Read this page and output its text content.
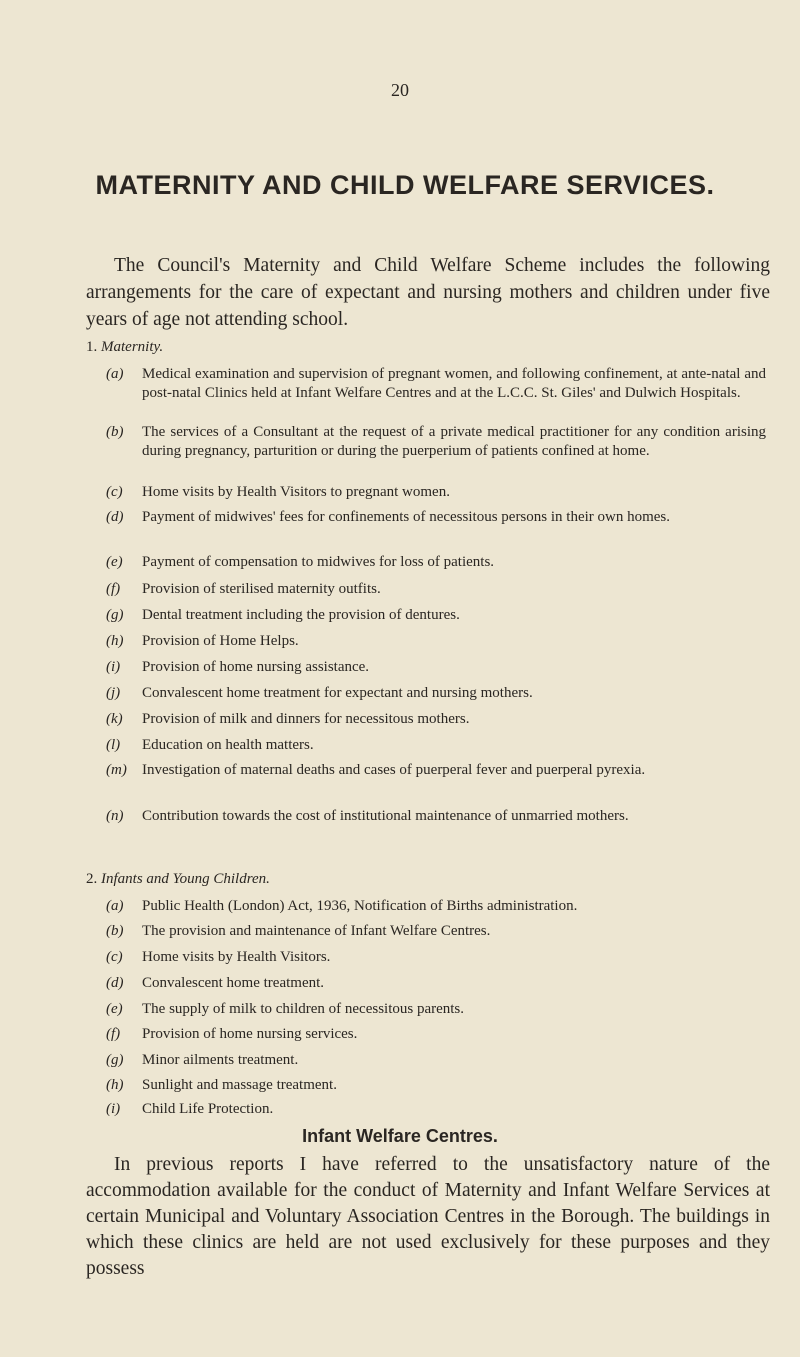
20
MATERNITY AND CHILD WELFARE SERVICES.
The Council's Maternity and Child Welfare Scheme includes the following arrangements for the care of expectant and nursing mothers and children under five years of age not attending school.
1. Maternity.
(a)	Medical examination and supervision of pregnant women, and following confinement, at ante-natal and post-natal Clinics held at Infant Welfare Centres and at the L.C.C. St. Giles' and Dulwich Hospitals.
(b)	The services of a Consultant at the request of a private medical practitioner for any condition arising during pregnancy, parturition or during the puerperium of patients confined at home.
(c)	Home visits by Health Visitors to pregnant women.
(d)	Payment of midwives' fees for confinements of necessitous persons in their own homes.
(e)	Payment of compensation to midwives for loss of patients.
(f)	Provision of sterilised maternity outfits.
(g)	Dental treatment including the provision of dentures.
(h)	Provision of Home Helps.
(i)	Provision of home nursing assistance.
(j)	Convalescent home treatment for expectant and nursing mothers.
(k)	Provision of milk and dinners for necessitous mothers.
(l)	Education on health matters.
(m)	Investigation of maternal deaths and cases of puerperal fever and puerperal pyrexia.
(n)	Contribution towards the cost of institutional maintenance of unmarried mothers.
2. Infants and Young Children.
(a)	Public Health (London) Act, 1936, Notification of Births administration.
(b)	The provision and maintenance of Infant Welfare Centres.
(c)	Home visits by Health Visitors.
(d)	Convalescent home treatment.
(e)	The supply of milk to children of necessitous parents.
(f)	Provision of home nursing services.
(g)	Minor ailments treatment.
(h)	Sunlight and massage treatment.
(i)	Child Life Protection.
Infant Welfare Centres.
In previous reports I have referred to the unsatisfactory nature of the accommodation available for the conduct of Maternity and Infant Welfare Services at certain Municipal and Voluntary Association Centres in the Borough. The buildings in which these clinics are held are not used exclusively for these purposes and they possess
